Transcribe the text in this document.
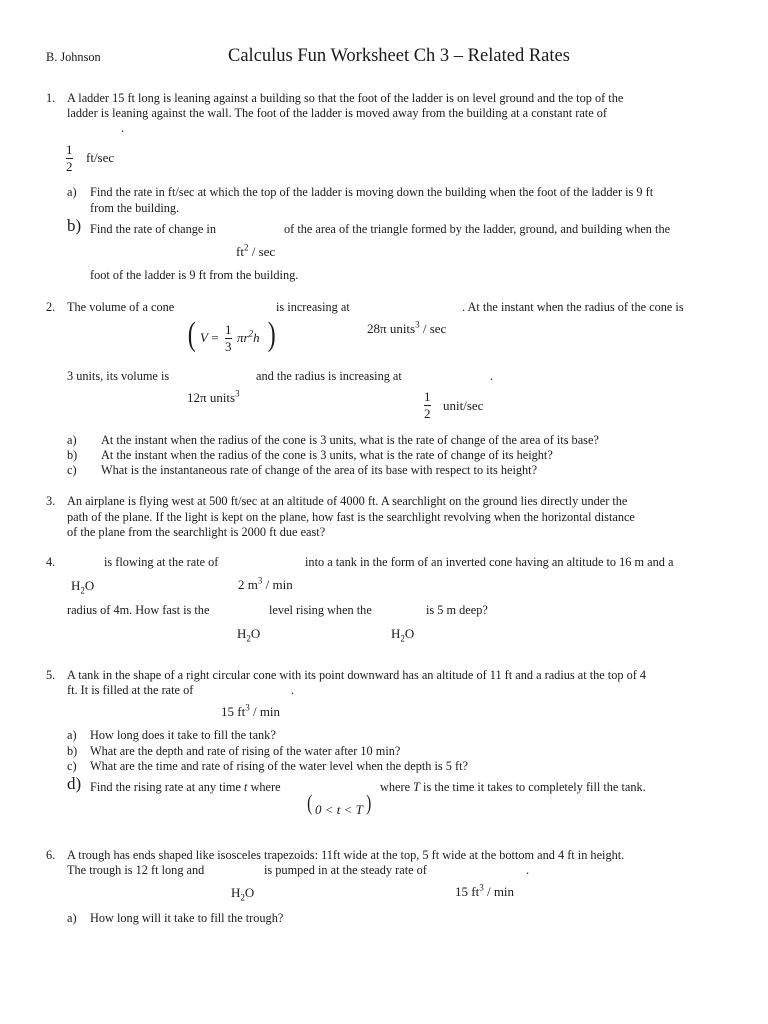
B. Johnson	Calculus Fun Worksheet Ch 3 – Related Rates
1. A ladder 15 ft long is leaning against a building so that the foot of the ladder is on level ground and the top of the
ladder is leaning against the wall. The foot of the ladder is moved away from the building at a constant rate of
.
$\frac{1}{2} ft/\sec$
a) Find the rate in ft/sec at which the top of the ladder is moving down the building when the foot of the ladder is 9 ft
from the building.
b) Find the rate of change in	of the area of the triangle formed by the ladder, ground, and building when the
$ft^2$ / sec
foot of the ladder is 9 ft from the building.
2. The volume of a cone	is increasing at	. At the instant when the radius of the cone is
( $V = \frac{1}{3} \pi r^2h$ )	28π units$^3$ / sec
3 units, its volume is	and the radius is increasing at	.
12π units$^3$	$\frac{1}{2}$ unit/sec
a) At the instant when the radius of the cone is 3 units, what is the rate of change of the area of its base?
b) At the instant when the radius of the cone is 3 units, what is the rate of change of its height?
c) What is the instantaneous rate of change of the area of its base with respect to its height?
3. An airplane is flying west at 500 ft/sec at an altitude of 4000 ft. A searchlight on the ground lies directly under the
path of the plane. If the light is kept on the plane, how fast is the searchlight revolving when the horizontal distance
of the plane from the searchlight is 2000 ft due east?
4.	is flowing at the rate of	into a tank in the form of an inverted cone having an altitude to 16 m and a
$H_2O$	2 $m^3$ / min
radius of 4m. How fast is the	level rising when the	is 5 m deep?
$H_2O$	$H_2O$
5. A tank in the shape of a right circular cone with its point downward has an altitude of 11 ft and a radius at the top of 4
ft. It is filled at the rate of	.
15 $ft^3$ / min
a) How long does it take to fill the tank?
b) What are the depth and rate of rising of the water after 10 min?
c) What are the time and rate of rising of the water level when the depth is 5 ft?
d) Find the rising rate at any time t where	where T is the time it takes to completely fill the tank.
( 0 < t < T )
6. A trough has ends shaped like isosceles trapezoids: 11ft wide at the top, 5 ft wide at the bottom and 4 ft in height.
The trough is 12 ft long and	is pumped in at the steady rate of	.
$H_2O$	15 $ft^3$ / min
a) How long will it take to fill the trough?
